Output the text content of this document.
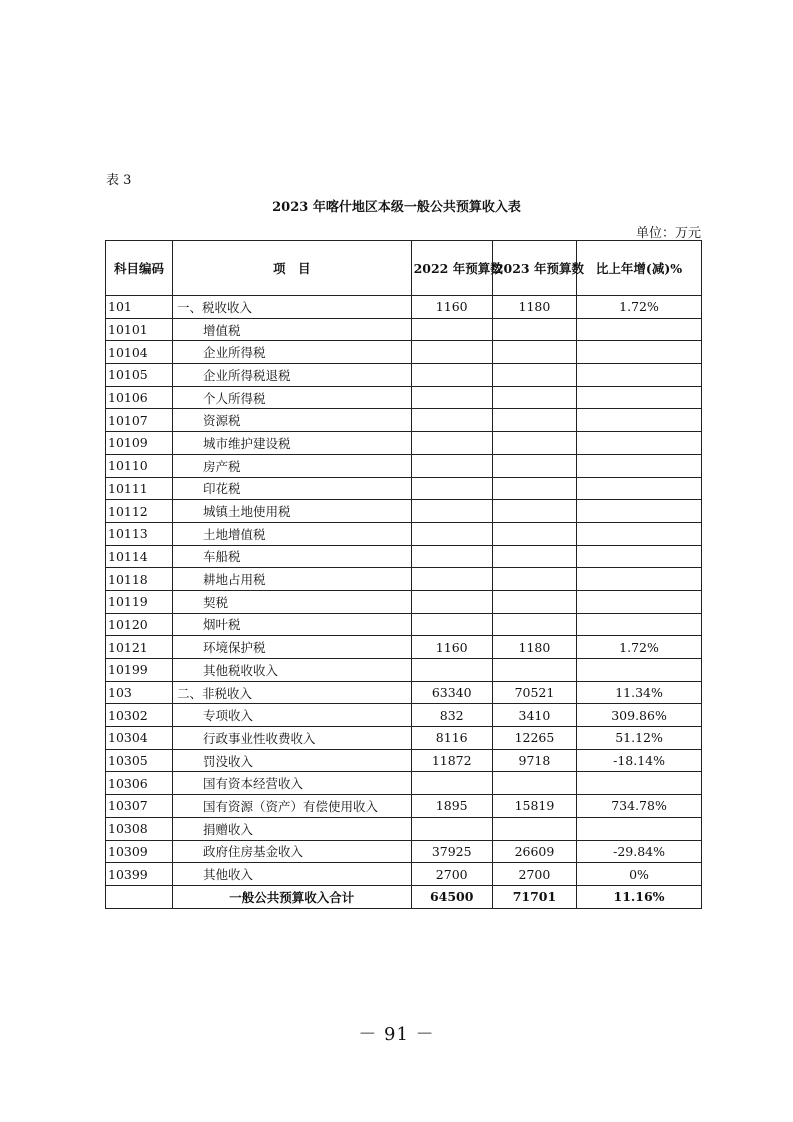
表 3
2023 年喀什地区本级一般公共预算收入表
单位：万元
科目编码	项　目	2022 年预算数	2023 年预算数	比上年增(减)%
101	一、税收收入	1160	1180	1.72%
10101	增值税			
10104	企业所得税			
10105	企业所得税退税			
10106	个人所得税			
10107	资源税			
10109	城市维护建设税			
10110	房产税			
10111	印花税			
10112	城镇土地使用税			
10113	土地增值税			
10114	车船税			
10118	耕地占用税			
10119	契税			
10120	烟叶税			
10121	环境保护税	1160	1180	1.72%
10199	其他税收收入			
103	二、非税收入	63340	70521	11.34%
10302	专项收入	832	3410	309.86%
10304	行政事业性收费收入	8116	12265	51.12%
10305	罚没收入	11872	9718	-18.14%
10306	国有资本经营收入			
10307	国有资源（资产）有偿使用收入	1895	15819	734.78%
10308	捐赠收入			
10309	政府住房基金收入	37925	26609	-29.84%
10399	其他收入	2700	2700	0%
	一般公共预算收入合计	64500	71701	11.16%
－ 91 －
